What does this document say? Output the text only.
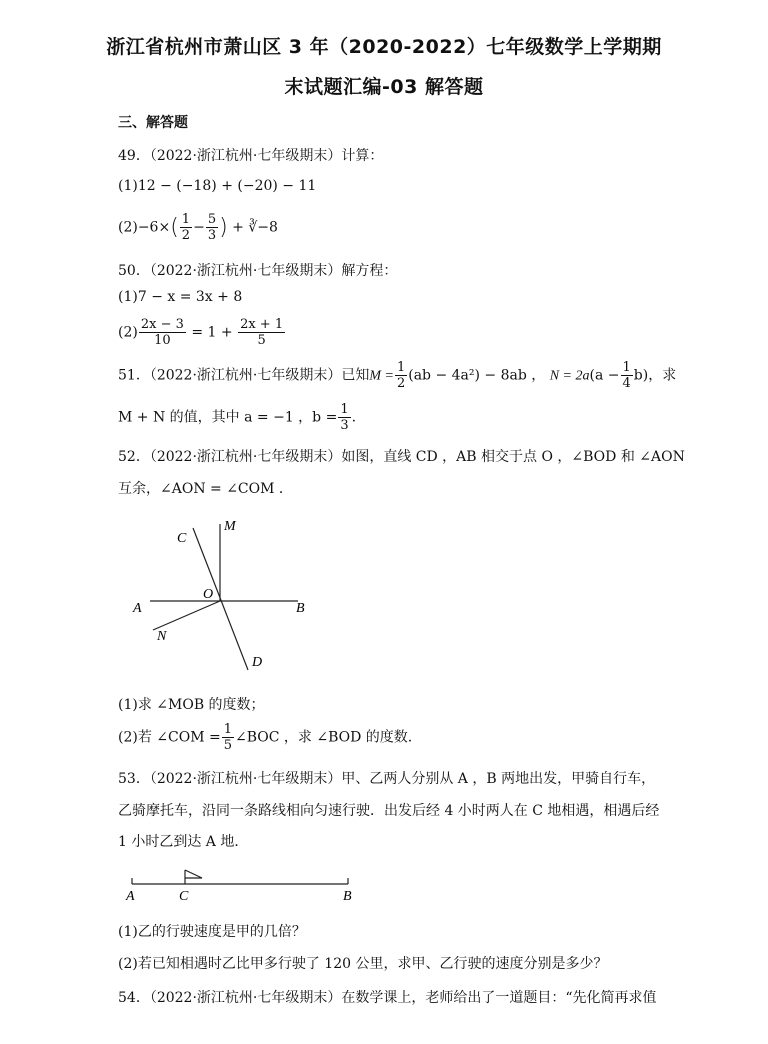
浙江省杭州市萧山区 3 年（2020-2022）七年级数学上学期期
末试题汇编-03 解答题
三、解答题
49．（2022·浙江杭州·七年级期末）计算：
(1)12 − (−18) + (−20) − 11
$(2)-6\times( \frac{1}{2} - \frac{5}{3}$ ) + ∛−8
50．（2022·浙江杭州·七年级期末）解方程：
(1)7 − x = 3x + 8
$(2) \frac{2x - 3}{10} = 1 + \frac{2x + 1}{5}$
51．（2022·浙江杭州·七年级期末）已知$M = \frac{1}{2} (ab - 4a^2) - 8ab$ ， $N = 2a(a - \frac{1}{4} b)$，求
M + N 的值，其中 a = −1 ，$b = \frac{1}{3}$ .
52．（2022·浙江杭州·七年级期末）如图，直线 CD ，AB 相交于点 O ，∠BOD 和 ∠AON
互余，∠AON = ∠COM ．
C
M
O
A	B
N
D
(1)求 ∠MOB 的度数；
(2)若 ∠COM = $\frac{1}{5}$ ∠BOC ，求 ∠BOD 的度数.
53．（2022·浙江杭州·七年级期末）甲、乙两人分别从 A ，B 两地出发，甲骑自行车，
乙骑摩托车，沿同一条路线相向匀速行驶．出发后经 4 小时两人在 C 地相遇，相遇后经
1 小时乙到达 A 地．
A	C	B
(1)乙的行驶速度是甲的几倍？
(2)若已知相遇时乙比甲多行驶了 120 公里，求甲、乙行驶的速度分别是多少？
54．（2022·浙江杭州·七年级期末）在数学课上，老师给出了一道题目：“先化简再求值
